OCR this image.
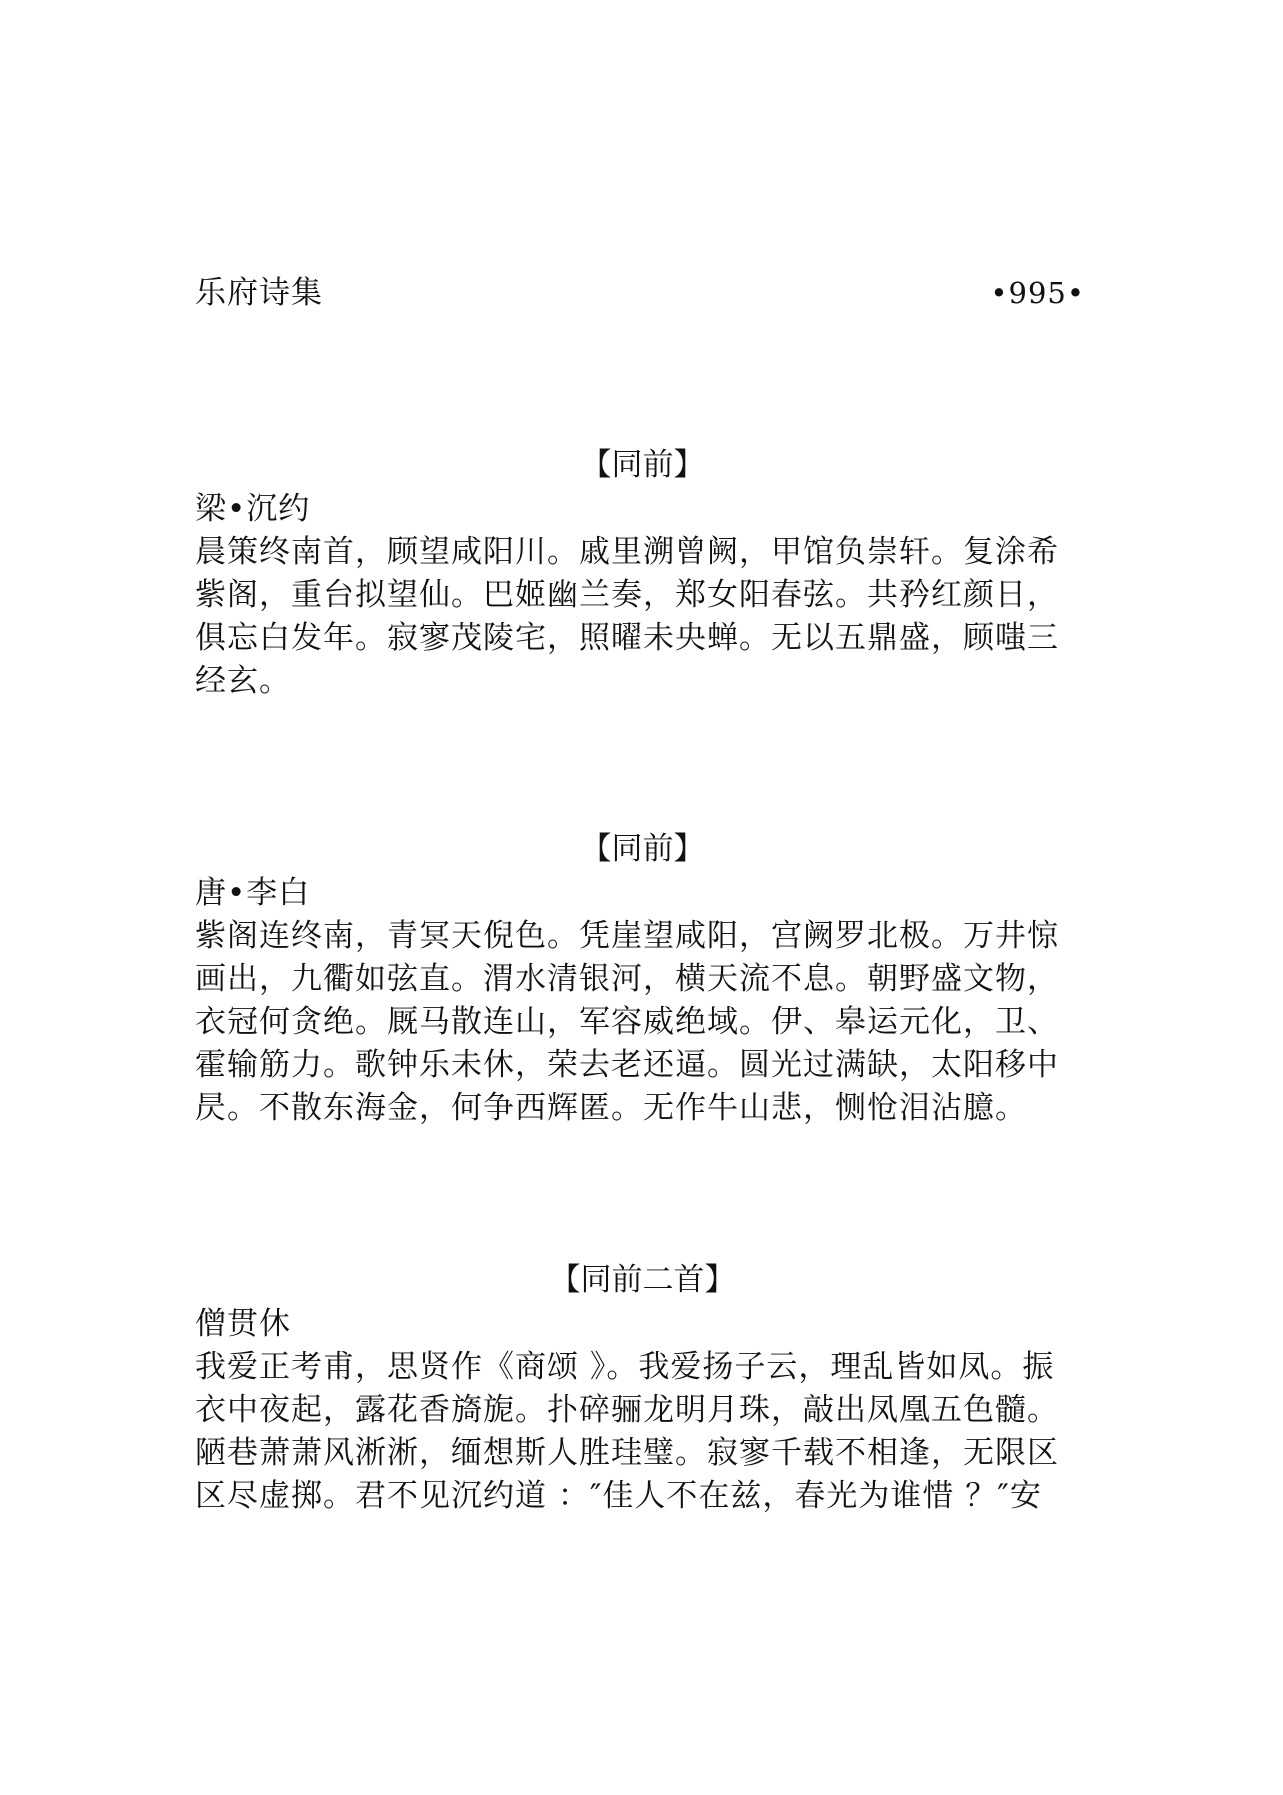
乐府诗集	•995•

【同前】

梁•沉约

晨策终南首，顾望咸阳川。戚里溯曾阙，甲馆负崇轩。复涂希

紫阁，重台拟望仙。巴姬幽兰奏，郑女阳春弦。共矜红颜日，

俱忘白发年。寂寥茂陵宅，照曜未央蝉。无以五鼎盛，顾嗤三

经玄。

【同前】

唐•李白

紫阁连终南，青冥天倪色。凭崖望咸阳，宫阙罗北极。万井惊

画出，九衢如弦直。渭水清银河，横天流不息。朝野盛文物，

衣冠何贪绝。厩马散连山，军容威绝域。伊、皋运元化，卫、

霍输筋力。歌钟乐未休，荣去老还逼。圆光过满缺，太阳移中

昃。不散东海金，何争西辉匿。无作牛山悲，恻怆泪沾臆。

【同前二首】

僧贯休

我爱正考甫，思贤作《商颂 》。我爱扬子云，理乱皆如凤。振

衣中夜起，露花香旖旎。扑碎骊龙明月珠，敲出凤凰五色髓。

陋巷萧萧风淅淅，缅想斯人胜珪璧。寂寥千载不相逢，无限区

区尽虚掷。君不见沉约道 ：″佳人不在兹，春光为谁惜 ？″安
